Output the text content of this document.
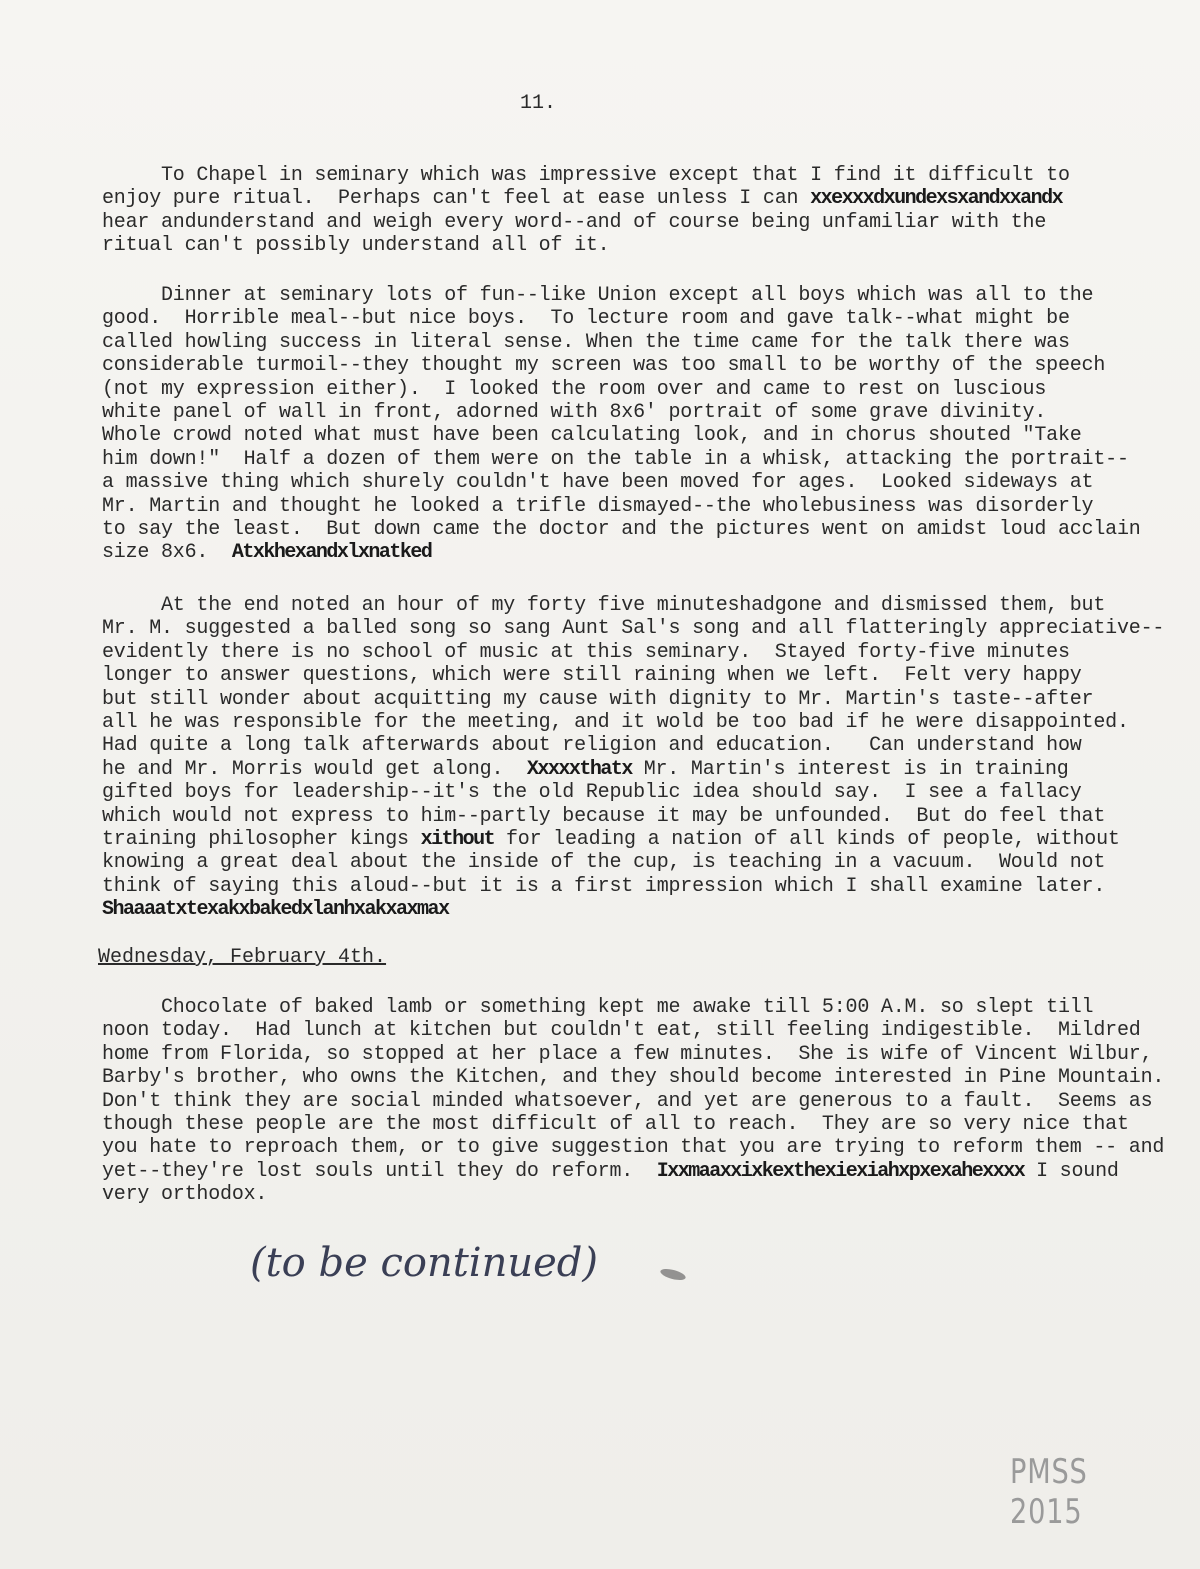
11.
To Chapel in seminary which was impressive except that I find it difficult to
enjoy pure ritual.  Perhaps can't feel at ease unless I can xxexxxdxundexsxandxxandx
hear andunderstand and weigh every word--and of course being unfamiliar with the
ritual can't possibly understand all of it.
Dinner at seminary lots of fun--like Union except all boys which was all to the
good.  Horrible meal--but nice boys.  To lecture room and gave talk--what might be
called howling success in literal sense. When the time came for the talk there was
considerable turmoil--they thought my screen was too small to be worthy of the speech
(not my expression either).  I looked the room over and came to rest on luscious
white panel of wall in front, adorned with 8x6' portrait of some grave divinity.
Whole crowd noted what must have been calculating look, and in chorus shouted "Take
him down!"  Half a dozen of them were on the table in a whisk, attacking the portrait--
a massive thing which shurely couldn't have been moved for ages.  Looked sideways at
Mr. Martin and thought he looked a trifle dismayed--the wholebusiness was disorderly
to say the least.  But down came the doctor and the pictures went on amidst loud acclain
size 8x6.  Atxkhexandxlxnatked
At the end noted an hour of my forty five minuteshadgone and dismissed them, but
Mr. M. suggested a balled song so sang Aunt Sal's song and all flatteringly appreciative--
evidently there is no school of music at this seminary.  Stayed forty-five minutes
longer to answer questions, which were still raining when we left.  Felt very happy
but still wonder about acquitting my cause with dignity to Mr. Martin's taste--after
all he was responsible for the meeting, and it wold be too bad if he were disappointed.
Had quite a long talk afterwards about religion and education.   Can understand how
he and Mr. Morris would get along.  Xxxxxthatx Mr. Martin's interest is in training
gifted boys for leadership--it's the old Republic idea should say.  I see a fallacy
which would not express to him--partly because it may be unfounded.  But do feel that
training philosopher kings xithout for leading a nation of all kinds of people, without
knowing a great deal about the inside of the cup, is teaching in a vacuum.  Would not
think of saying this aloud--but it is a first impression which I shall examine later.
Shaaaatxtexakxbakedxlanhxakxaxmax
Wednesday, February 4th.
Chocolate of baked lamb or something kept me awake till 5:00 A.M. so slept till
noon today.  Had lunch at kitchen but couldn't eat, still feeling indigestible.  Mildred
home from Florida, so stopped at her place a few minutes.  She is wife of Vincent Wilbur,
Barby's brother, who owns the Kitchen, and they should become interested in Pine Mountain.
Don't think they are social minded whatsoever, and yet are generous to a fault.  Seems as
though these people are the most difficult of all to reach.  They are so very nice that
you hate to reproach them, or to give suggestion that you are trying to reform them -- and
yet--they're lost souls until they do reform.  Ixxmaaxxixkexthexiexiahxpxexahexxxx I sound
very orthodox.
(to be continued)
PMSS 2015
